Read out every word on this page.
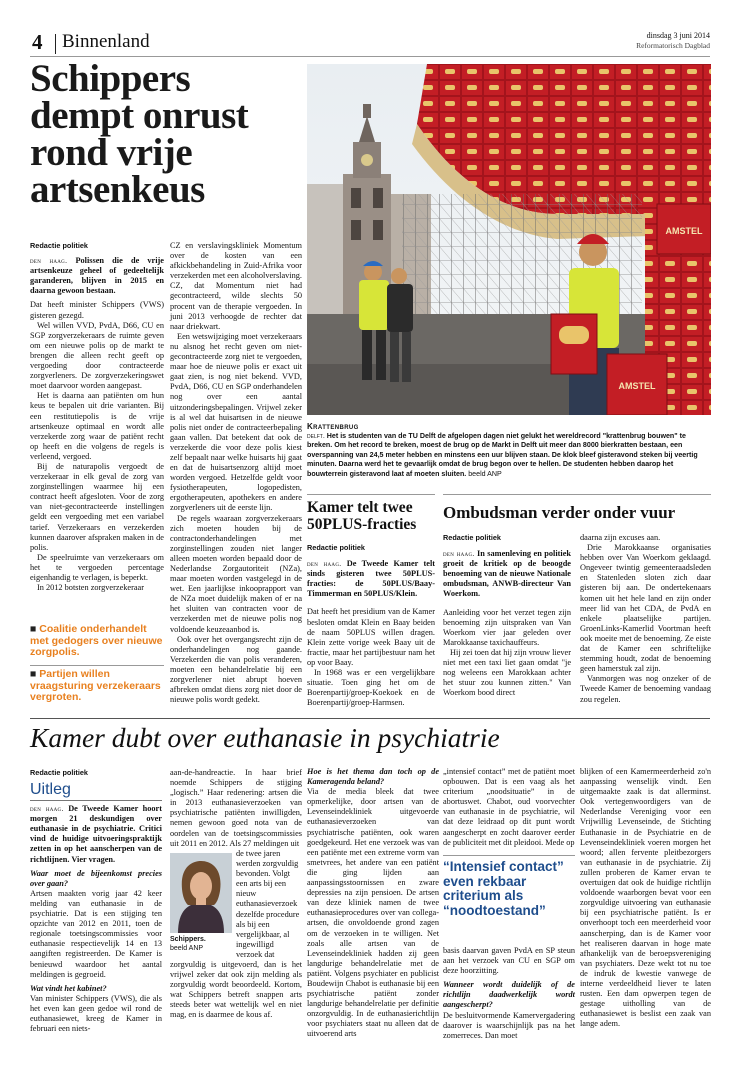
4 Binnenland	dinsdag 3 juni 2014
Reformatorisch Dagblad
Schippers
dempt onrust
rond vrije
artsenkeus
Redactie politiek

den haag. Polissen die de vrije artsenkeuze geheel of gedeeltelijk garanderen, blijven in 2015 en daarna gewoon bestaan.

Dat heeft minister Schippers (VWS) gisteren gezegd.

Wel willen VVD, PvdA, D66, CU en SGP zorgverzekeraars de ruimte geven om een nieuwe polis op de markt te brengen die alleen recht geeft op vergoeding door contracteerde zorgverleners. De zorgverzekeringswet moet daarvoor worden aangepast.

Het is daarna aan patiënten om hun keus te bepalen uit drie varianten. Bij een restitutiepolis is de vrije artsenkeuze optimaal en wordt alle verzekerde zorg waar de patiënt recht op heeft en die volgens de regels is verleend, vergoed.

Bij de naturapolis vergoedt de verzekeraar in elk geval de zorg van zorginstellingen waarmee hij een contract heeft afgesloten. Voor de zorg van niet-gecontracteerde instellingen geldt een vergoeding met een variabel tarief. Verzekeraars en verzekerden kunnen daarover afspraken maken in de polis.

De speelruimte van verzekeraars om het te vergoeden percentage eigenhandig te verlagen, is beperkt.

In 2012 botsten zorgverzekeraar

■ Coalitie onderhandelt met gedogers over nieuwe zorgpolis.
■ Partijen willen vraagsturing verzekeraars vergroten.

CZ en verslavingskliniek Momentum over de kosten van een afkickbehandeling in Zuid-Afrika voor verzekerden met een alcoholverslaving. CZ, dat Momentum niet had gecontracteerd, wilde slechts 50 procent van de therapie vergoeden. In juni 2013 verhoogde de rechter dat naar driekwart.

Een wetswijziging moet verzekeraars nu alsnog het recht geven om niet-gecontracteerde zorg niet te vergoeden, maar hoe de nieuwe polis er exact uit gaat zien, is nog niet bekend. VVD, PvdA, D66, CU en SGP onderhandelen nog over een aantal uitzonderingsbepalingen. Vrijwel zeker is al wel dat huisartsen in de nieuwe polis niet onder de contracteerbepaling gaan vallen. Dat betekent dat ook de verzekerde die voor deze polis kiest zelf bepaalt naar welke huisarts hij gaat en dat de huisartsenzorg altijd moet worden vergoed. Hetzelfde geldt voor fysiotherapeuten, logopedisten, ergotherapeuten, apothekers en andere zorgverleners uit de eerste lijn.

De regels waaraan zorgverzekeraars zich moeten houden bij de contractonderhandelingen met zorginstellingen zouden niet langer alleen moeten worden bepaald door de Nederlandse Zorgautoriteit (NZa), maar moeten worden vastgelegd in de wet. Een jaarlijkse inkooprapport van de NZa moet duidelijk maken of er na het sluiten van contracten voor de verzekerden met de nieuwe polis nog voldoende keuzeaanbod is.

Ook over het overgangsrecht zijn de onderhandelingen nog gaande. Verzekerden die van polis veranderen, moeten een behandelrelatie bij een zorgverlener niet abrupt hoeven afbreken omdat diens zorg niet door de nieuwe polis wordt gedekt.

AMSTEL
AMSTEL
Krattenbrug
delft. Het is studenten van de TU Delft de afgelopen dagen niet gelukt het wereldrecord "krattenbrug bouwen" te breken. Om het record te breken, moest de brug op de Markt in Delft uit meer dan 8000 bierkratten bestaan, een overspanning van 24,5 meter hebben en minstens een uur blijven staan. De klok bleef gisteravond steken bij veertig minuten. Daarna werd het te gevaarlijk omdat de brug begon over te hellen. De studenten hebben daarop het bouwterrein gisteravond laat af moeten sluiten. beeld ANP
Kamer telt twee 50PLUS-fracties
Redactie politiek

den haag. De Tweede Kamer telt sinds gisteren twee 50PLUS-fracties: de 50PLUS/Baay-Timmerman en 50PLUS/Klein.

Dat heeft het presidium van de Kamer besloten omdat Klein en Baay beiden de naam 50PLUS willen dragen. Klein zette vorige week Baay uit de fractie, maar het partijbestuur nam het op voor Baay.

In 1968 was er een vergelijkbare situatie. Toen ging het om de Boerenpartij/groep-Koekoek en de Boerenpartij/groep-Harmsen.

Ombudsman verder onder vuur
Redactie politiek

den haag. In samenleving en politiek groeit de kritiek op de beoogde benoeming van de nieuwe Nationale ombudsman, ANWB-directeur Van Woerkom.

Aanleiding voor het verzet tegen zijn benoeming zijn uitspraken van Van Woerkom vier jaar geleden over Marokkaanse taxichauffeurs.

Hij zei toen dat hij zijn vrouw liever niet met een taxi liet gaan omdat "je nog weleens een Marokkaan achter het stuur zou kunnen zitten." Van Woerkom bood direct

daarna zijn excuses aan.

Drie Marokkaanse organisaties hebben over Van Woerkom geklaagd. Ongeveer twintig gemeenteraadsleden en Statenleden sloten zich daar gisteren bij aan. De ondertekenaars komen uit het hele land en zijn onder meer lid van het CDA, de PvdA en enkele plaatselijke partijen. GroenLinks-Kamerlid Voortman heeft ook moeite met de benoeming. Ze eiste dat de Kamer een schriftelijke stemming houdt, zodat de benoeming geen hamerstuk zal zijn.

Vanmorgen was nog onzeker of de Tweede Kamer de benoeming vandaag zou regelen.

Kamer dubt over euthanasie in psychiatrie
Redactie politiek
Uitleg

den haag. De Tweede Kamer hoort morgen 21 deskundigen over euthanasie in de psychiatrie. Critici vind de huidige uitvoeringspraktijk zetten in op het aanscherpen van de richtlijnen. Vier vragen.

Waar moet de bijeenkomst precies over gaan?

Artsen maakten vorig jaar 42 keer melding van euthanasie in de psychiatrie. Dat is een stijging ten opzichte van 2012 en 2011, toen de regionale toetsingscommissies voor euthanasie respectievelijk 14 en 13 aangiften registreerden. De Kamer is benieuwd waardoor het aantal meldingen is gegroeid.

Wat vindt het kabinet?

Van minister Schippers (VWS), die als het even kan geen gedoe wil rond de euthanasiewet, kreeg de Kamer in februari een niets-

aan-de-handreactie. In haar brief noemde Schippers de stijging „logisch.” Haar redenering: artsen die in 2013 euthanasieverzoeken van psychiatrische patiënten inwilligden, nemen gewoon goed nota van de oordelen van de toetsingscommissies uit 2011 en 2012. Als 27 meldingen uit

Schippers.
beeld ANP

de twee jaren werden zorgvuldig bevonden. Volgt een arts bij een nieuw euthanasieverzoek dezelfde procedure als bij een vergelijkbaar, al ingewilligd verzoek dat

zorgvuldig is uitgevoerd, dan is het vrijwel zeker dat ook zijn melding als zorgvuldig wordt beoordeeld. Kortom, wat Schippers betreft snappen arts steeds beter wat wettelijk wel en niet mag, en is daarmee de kous af.

Hoe is het thema dan toch op de Kameragenda beland?

Via de media bleek dat twee opmerkelijke, door artsen van de Levenseindekliniek uitgevoerde euthanasieverzoeken van psychiatrische patiënten, ook waren goedgekeurd. Het ene verzoek was van een patiënte met een extreme vorm van smetvrees, het andere van een patiënt die ging lijden aan aanpassingsstoornissen en zware depressies na zijn pensioen. De artsen van deze kliniek namen de twee euthanasieprocedures over van collega-artsen, die onvoldoende grond zagen om de verzoeken in te willigen. Net zoals alle artsen van de Levenseindekliniek hadden zij geen langdurige behandelrelatie met de patiënt. Volgens psychiater en publicist Boudewijn Chabot is euthanasie bij een psychiatrische patiënt zonder langdurige behandelrelatie per definitie onzorgvuldig. In de euthanasierichtlijn voor psychiaters staat nu alleen dat de uitvoerend arts

„intensief contact” met de patiënt moet opbouwen. Dat is een vaag als het criterium „noodsituatie” in de abortuswet. Chabot, oud voorvechter van euthanasie in de psychiatrie, wil dat deze leidraad op dit punt wordt aangescherpt en zocht daarover eerder de publiciteit met dit pleidooi. Mede op

“Intensief contact” even rekbaar criterium als “noodtoestand”

basis daarvan gaven PvdA en SP steun aan het verzoek van CU en SGP om deze hoorzitting.

Wanneer wordt duidelijk of de richtlijn daadwerkelijk wordt aangescherpt?

De besluitvormende Kamervergadering daarover is waarschijnlijk pas na het zomerreces. Dan moet

blijken of een Kamermeerderheid zo'n aanpassing wenselijk vindt. Een uitgemaakte zaak is dat allerminst. Ook vertegenwoordigers van de Nederlandse Vereniging voor een Vrijwillig Levenseinde, de Stichting Euthanasie in de Psychiatrie en de Levenseindekliniek voeren morgen het woord; allen fervente pleitbezorgers van euthanasie in de psychiatrie. Zij zullen proberen de Kamer ervan te overtuigen dat ook de huidige richtlijn voldoende waarborgen bevat voor een zorgvuldige uitvoering van euthanasie bij een psychiatrische patiënt. Is er onverhoopt toch een meerderheid voor aanscherping, dan is de Kamer voor het realiseren daarvan in hoge mate afhankelijk van de beroepsvereniging van psychiaters. Deze wekt tot nu toe de indruk de kwestie vanwege de interne verdeeldheid liever te laten rusten. Een dam opwerpen tegen de gestage uitholling van de euthanasiewet is beslist een zaak van lange adem.
